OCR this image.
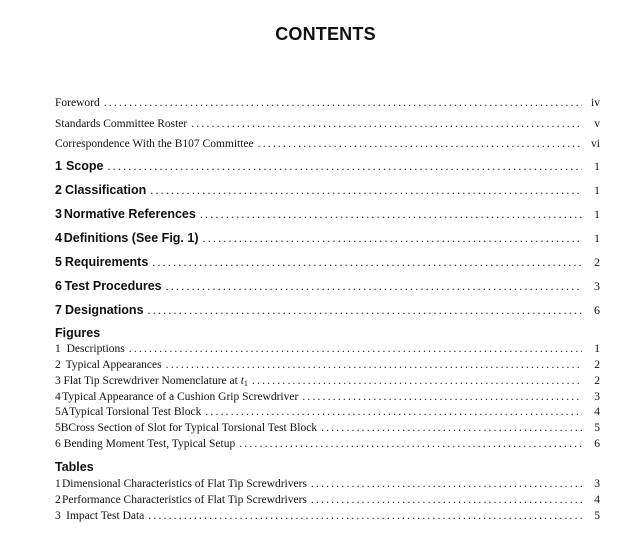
CONTENTS
Foreword .....	iv
Standards Committee Roster .....	v
Correspondence With the B107 Committee .....	vi
1 Scope .....	1
2 Classification .....	1
3 Normative References .....	1
4 Definitions (See Fig. 1) .....	1
5 Requirements .....	2
6 Test Procedures .....	3
7 Designations .....	6
Figures
1 Descriptions .....	1
2 Typical Appearances .....	2
3 Flat Tip Screwdriver Nomenclature at $t_1$ .....	2
4 Typical Appearance of a Cushion Grip Screwdriver .....	3
5A Typical Torsional Test Block .....	4
5B Cross Section of Slot for Typical Torsional Test Block .....	5
6 Bending Moment Test, Typical Setup .....	6
Tables
1 Dimensional Characteristics of Flat Tip Screwdrivers .....	3
2 Performance Characteristics of Flat Tip Screwdrivers .....	4
3 Impact Test Data .....	5
